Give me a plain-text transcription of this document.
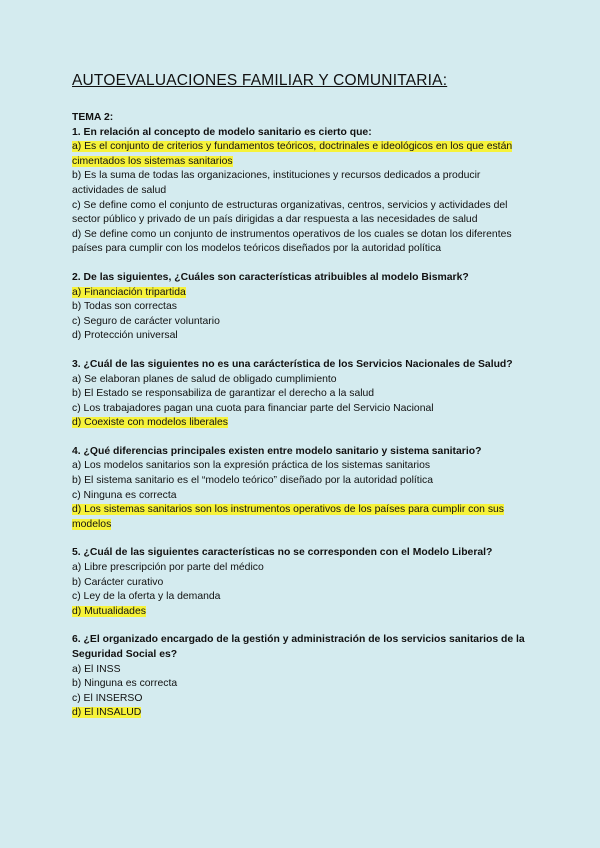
AUTOEVALUACIONES FAMILIAR Y COMUNITARIA:
TEMA 2:
1. En relación al concepto de modelo sanitario es cierto que:
a) Es el conjunto de criterios y fundamentos teóricos, doctrinales e ideológicos en los que están cimentados los sistemas sanitarios
b) Es la suma de todas las organizaciones, instituciones y recursos dedicados a producir actividades de salud
c) Se define como el conjunto de estructuras organizativas, centros, servicios y actividades del sector público y privado de un país dirigidas a dar respuesta a las necesidades de salud
d) Se define como un conjunto de instrumentos operativos de los cuales se dotan los diferentes países para cumplir con los modelos teóricos diseñados por la autoridad política
2. De las siguientes, ¿Cuáles son características atribuibles al modelo Bismark?
a) Financiación tripartida
b) Todas son correctas
c) Seguro de carácter voluntario
d) Protección universal
3. ¿Cuál de las siguientes no es una carácterística de los Servicios Nacionales de Salud?
a) Se elaboran planes de salud de obligado cumplimiento
b) El Estado se responsabiliza de garantizar el derecho a la salud
c) Los trabajadores pagan una cuota para financiar parte del Servicio Nacional
d) Coexiste con modelos liberales
4. ¿Qué diferencias principales existen entre modelo sanitario y sistema sanitario?
a) Los modelos sanitarios son la expresión práctica de los sistemas sanitarios
b) El sistema sanitario es el “modelo teórico” diseñado por la autoridad política
c) Ninguna es correcta
d) Los sistemas sanitarios son los instrumentos operativos de los países para cumplir con sus modelos
5. ¿Cuál de las siguientes características no se corresponden con el Modelo Liberal?
a) Libre prescripción por parte del médico
b) Carácter curativo
c) Ley de la oferta y la demanda
d) Mutualidades
6. ¿El organizado encargado de la gestión y administración de los servicios sanitarios de la Seguridad Social es?
a) El INSS
b) Ninguna es correcta
c) El INSERSO
d) El INSALUD
